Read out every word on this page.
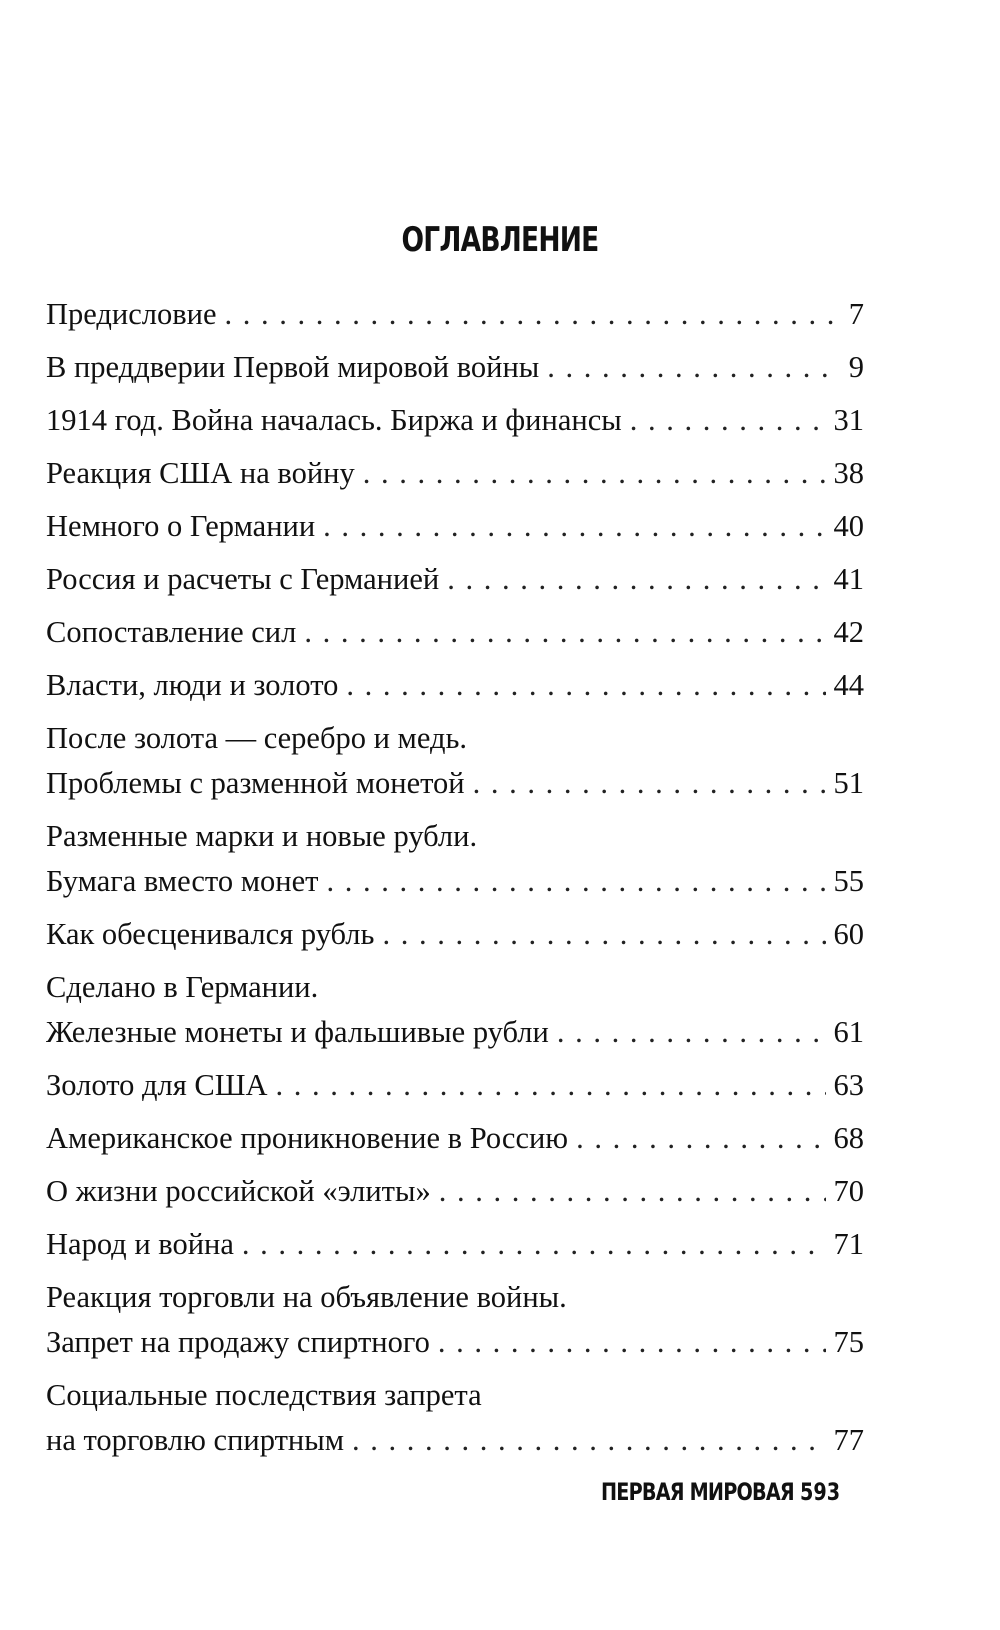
ОГЛАВЛЕНИЕ
Предисловие . . .	7
В преддверии Первой мировой войны . . .	9
1914 год. Война началась. Биржа и финансы . . .	31
Реакция США на войну . . .	38
Немного о Германии . . .	40
Россия и расчеты с Германией . . .	41
Сопоставление сил . . .	42
Власти, люди и золото . . .	44
После золота — серебро и медь.
Проблемы с разменной монетой . . .	51
Разменные марки и новые рубли.
Бумага вместо монет . . .	55
Как обесценивался рубль . . .	60
Сделано в Германии.
Железные монеты и фальшивые рубли . . .	61
Золото для США . . .	63
Американское проникновение в Россию . . .	68
О жизни российской «элиты» . . .	70
Народ и война . . .	71
Реакция торговли на объявление войны.
Запрет на продажу спиртного . . .	75
Социальные последствия запрета
на торговлю спиртным . . .	77
ПЕРВАЯ МИРОВАЯ 593
